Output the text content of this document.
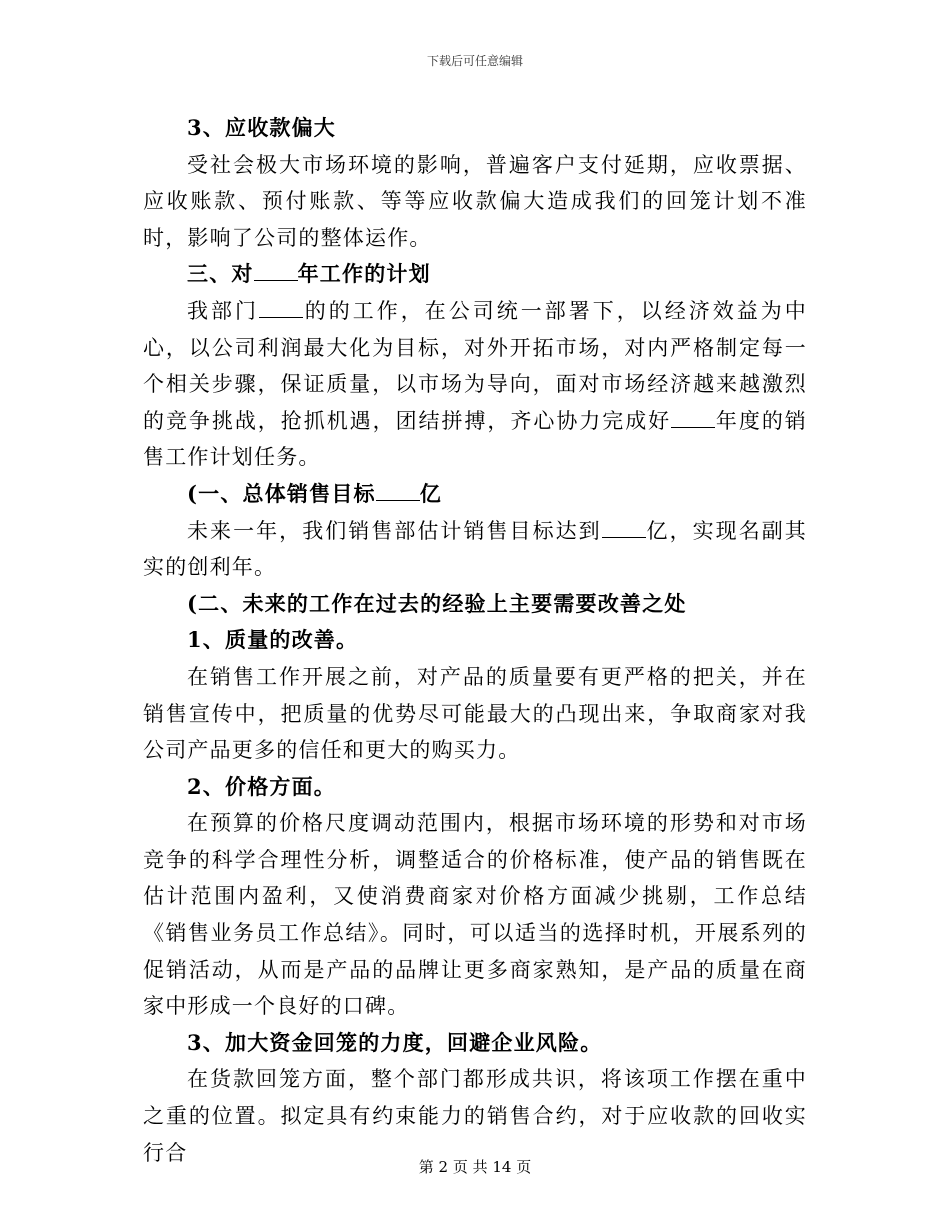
下载后可任意编辑

3、应收款偏大

受社会极大市场环境的影响，普遍客户支付延期，应收票据、应收账款、预付账款、等等应收款偏大造成我们的回笼计划不准时，影响了公司的整体运作。

三、对 年工作的计划

我部门 的的工作，在公司统一部署下，以经济效益为中心，以公司利润最大化为目标，对外开拓市场，对内严格制定每一个相关步骤，保证质量，以市场为导向，面对市场经济越来越激烈的竞争挑战，抢抓机遇，团结拼搏，齐心协力完成好 年度的销售工作计划任务。

(一、总体销售目标 亿

未来一年，我们销售部估计销售目标达到 亿，实现名副其实的创利年。

(二、未来的工作在过去的经验上主要需要改善之处

1、质量的改善。

在销售工作开展之前，对产品的质量要有更严格的把关，并在销售宣传中，把质量的优势尽可能最大的凸现出来，争取商家对我公司产品更多的信任和更大的购买力。

2、价格方面。

在预算的价格尺度调动范围内，根据市场环境的形势和对市场竞争的科学合理性分析，调整适合的价格标准，使产品的销售既在估计范围内盈利，又使消费商家对价格方面减少挑剔，工作总结《销售业务员工作总结》。同时，可以适当的选择时机，开展系列的促销活动，从而是产品的品牌让更多商家熟知，是产品的质量在商家中形成一个良好的口碑。

3、加大资金回笼的力度，回避企业风险。

在货款回笼方面，整个部门都形成共识，将该项工作摆在重中之重的位置。拟定具有约束能力的销售合约，对于应收款的回收实行合

第 2 页 共 14 页
